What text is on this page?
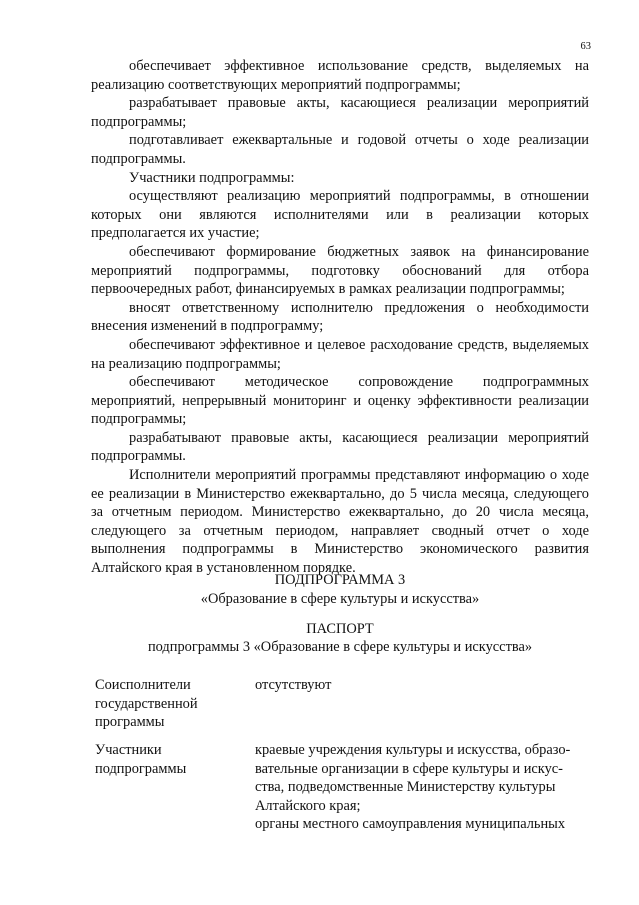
63

обеспечивает эффективное использование средств, выделяемых на реализацию соответствующих мероприятий подпрограммы;

разрабатывает правовые акты, касающиеся реализации мероприятий подпрограммы;

подготавливает ежеквартальные и годовой отчеты о ходе реализации подпрограммы.

Участники подпрограммы:

осуществляют реализацию мероприятий подпрограммы, в отношении которых они являются исполнителями или в реализации которых предполагается их участие;

обеспечивают формирование бюджетных заявок на финансирование мероприятий подпрограммы, подготовку обоснований для отбора первоочередных работ, финансируемых в рамках реализации подпрограммы;

вносят ответственному исполнителю предложения о необходимости внесения изменений в подпрограмму;

обеспечивают эффективное и целевое расходование средств, выделяемых на реализацию подпрограммы;

обеспечивают методическое сопровождение подпрограммных мероприятий, непрерывный мониторинг и оценку эффективности реализации подпрограммы;

разрабатывают правовые акты, касающиеся реализации мероприятий подпрограммы.

Исполнители мероприятий программы представляют информацию о ходе ее реализации в Министерство ежеквартально, до 5 числа месяца, следующего за отчетным периодом. Министерство ежеквартально, до 20 числа месяца, следующего за отчетным периодом, направляет сводный отчет о ходе выполнения подпрограммы в Министерство экономического развития Алтайского края в установленном порядке.

ПОДПРОГРАММА 3
«Образование в сфере культуры и искусства»
ПАСПОРТ
подпрограммы 3 «Образование в сфере культуры и искусства»
Соисполнители
государственной
программы
отсутствуют
Участники
подпрограммы
краевые учреждения культуры и искусства, образо-
вательные организации в сфере культуры и искус-
ства, подведомственные Министерству культуры
Алтайского края;
органы местного самоуправления муниципальных
